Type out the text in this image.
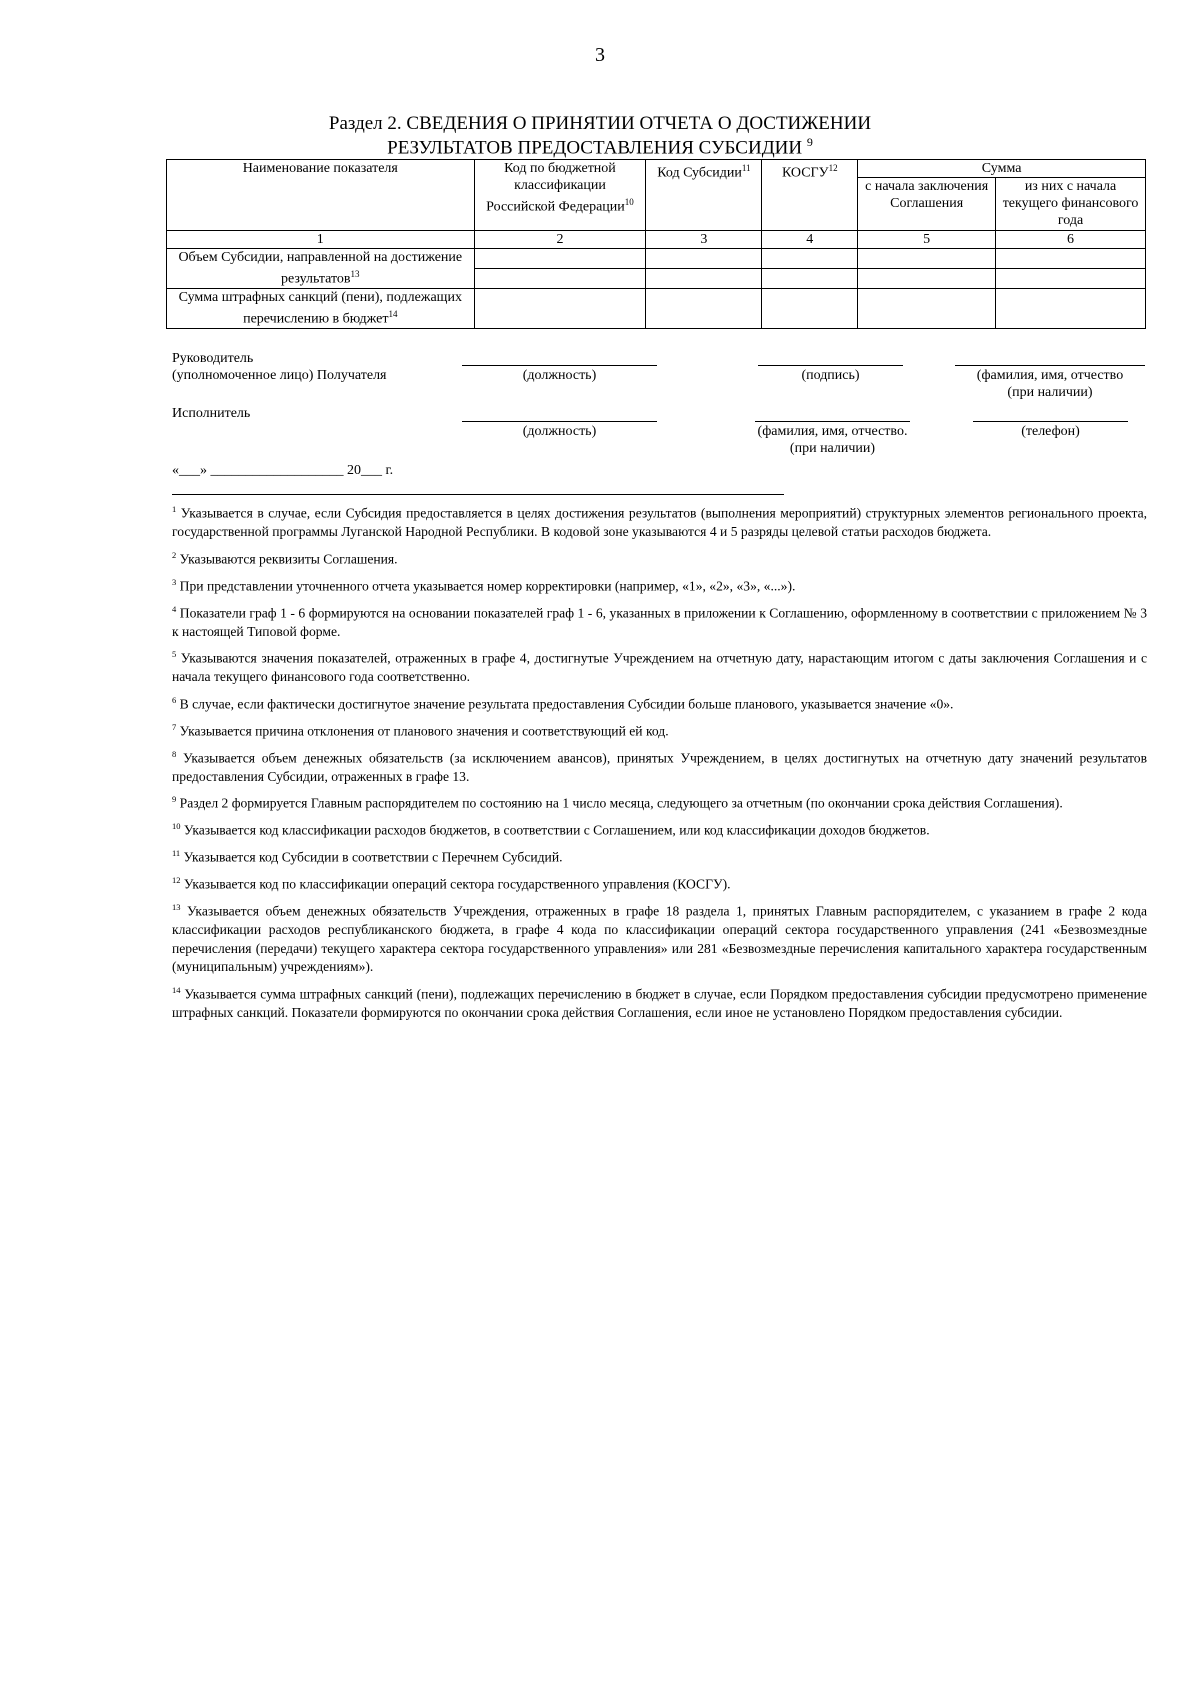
3
Раздел 2. СВЕДЕНИЯ О ПРИНЯТИИ ОТЧЕТА О ДОСТИЖЕНИИ
РЕЗУЛЬТАТОВ ПРЕДОСТАВЛЕНИЯ СУБСИДИИ $^9$
Наименование показателя	Код по бюджетной классификации Российской Федерации$^{10}$	Код Субсидии$^{11}$	КОСГУ$^{12}$	Сумма	
				с начала заключения Соглашения	из них с начала текущего финансового года
1	2	3	4	5	6
Объем Субсидии, направленной на достижение результатов$^{13}$					

Сумма штрафных санкций (пени), подлежащих перечислению в бюджет$^{14}$					
Руководитель
(уполномоченное лицо) Получателя	(должность)	(подпись)	(фамилия, имя, отчество
(при наличии)
Исполнитель
(должность)	(фамилия, имя, отчество.
(при наличии)
(телефон)
«___» ___________________ 20___ г.

$^1$ Указывается в случае, если Субсидия предоставляется в целях достижения результатов (выполнения мероприятий) структурных элементов регионального проекта, государственной программы Луганской Народной Республики. В кодовой зоне указываются 4 и 5 разряды целевой статьи расходов бюджета.

$^2$ Указываются реквизиты Соглашения.

$^3$ При представлении уточненного отчета указывается номер корректировки (например, «1», «2», «3», «...»).

$^4$ Показатели граф 1 - 6 формируются на основании показателей граф 1 - 6, указанных в приложении к Соглашению, оформленному в соответствии с приложением № 3 к настоящей Типовой форме.

$^5$ Указываются значения показателей, отраженных в графе 4, достигнутые Учреждением на отчетную дату, нарастающим итогом с даты заключения Соглашения и с начала текущего финансового года соответственно.

$^6$ В случае, если фактически достигнутое значение результата предоставления Субсидии больше планового, указывается значение «0».

$^7$ Указывается причина отклонения от планового значения и соответствующий ей код.

$^8$ Указывается объем денежных обязательств (за исключением авансов), принятых Учреждением, в целях достигнутых на отчетную дату значений результатов предоставления Субсидии, отраженных в графе 13.

$^9$ Раздел 2 формируется Главным распорядителем по состоянию на 1 число месяца, следующего за отчетным (по окончании срока действия Соглашения).

$^{10}$ Указывается код классификации расходов бюджетов, в соответствии с Соглашением, или код классификации доходов бюджетов.

$^{11}$ Указывается код Субсидии в соответствии с Перечнем Субсидий.

$^{12}$ Указывается код по классификации операций сектора государственного управления (КОСГУ).

$^{13}$ Указывается объем денежных обязательств Учреждения, отраженных в графе 18 раздела 1, принятых Главным распорядителем, с указанием в графе 2 кода классификации расходов республиканского бюджета, в графе 4 кода по классификации операций сектора государственного управления (241 «Безвозмездные перечисления (передачи) текущего характера сектора государственного управления» или 281 «Безвозмездные перечисления капитального характера государственным (муниципальным) учреждениям»).

$^{14}$ Указывается сумма штрафных санкций (пени), подлежащих перечислению в бюджет в случае, если Порядком предоставления субсидии предусмотрено применение штрафных санкций. Показатели формируются по окончании срока действия Соглашения, если иное не установлено Порядком предоставления субсидии.
